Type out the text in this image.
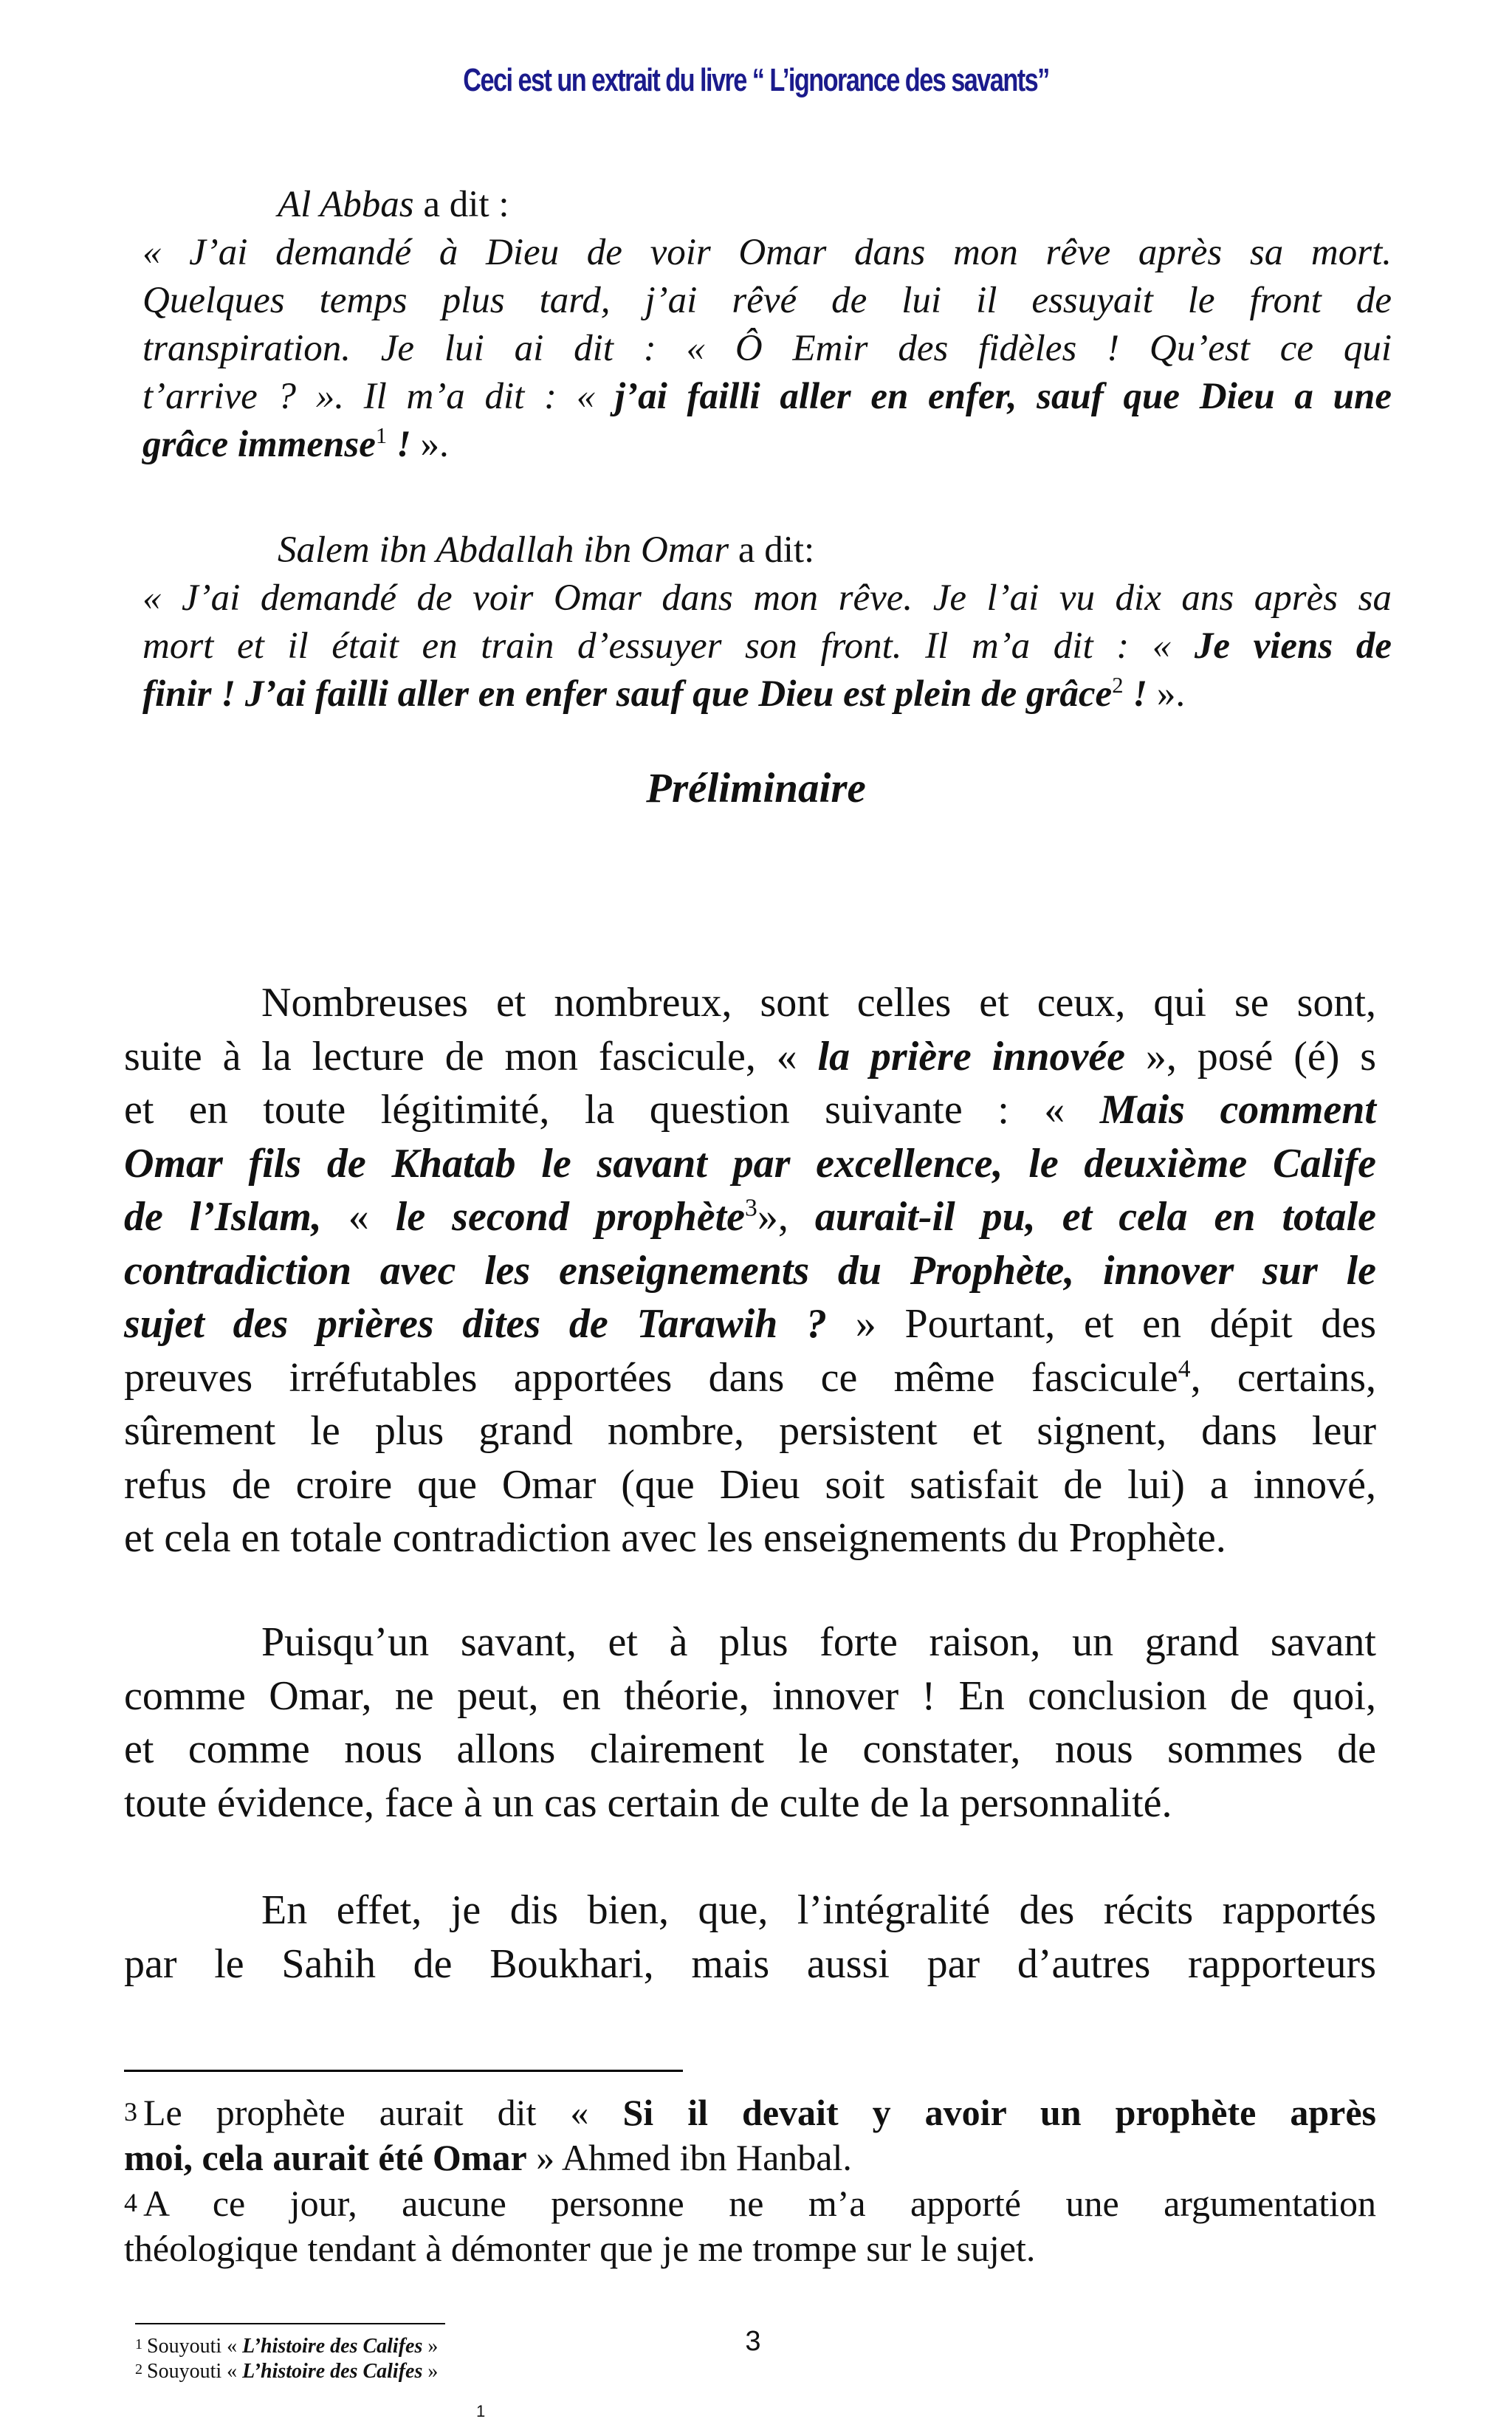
Ceci est un extrait du livre “ L’ignorance des savants”
Al Abbas a dit :
« J’ai demandé à Dieu de voir Omar dans mon rêve après sa mort.
Quelques temps plus tard, j’ai rêvé de lui il essuyait le front de
transpiration. Je lui ai dit : « Ô Emir des fidèles ! Qu’est ce qui
t’arrive ? ». Il m’a dit : « j’ai failli aller en enfer, sauf que Dieu a une
grâce immense$^1$ ! ».
Salem ibn Abdallah ibn Omar a dit:
« J’ai demandé de voir Omar dans mon rêve. Je l’ai vu dix ans après sa
mort et il était en train d’essuyer son front. Il m’a dit : « Je viens de
finir ! J’ai failli aller en enfer sauf que Dieu est plein de grâce$^2$ ! ».
Préliminaire
Nombreuses et nombreux, sont celles et ceux, qui se sont,
suite à la lecture de mon fascicule, « la prière innovée », posé (é) s
et en toute légitimité, la question suivante : « Mais comment
Omar fils de Khatab le savant par excellence, le deuxième Calife
de l’Islam, « le second prophète$^3$», aurait-il pu, et cela en totale
contradiction avec les enseignements du Prophète, innover sur le
sujet des prières dites de Tarawih ? » Pourtant, et en dépit des
preuves irréfutables apportées dans ce même fascicule$^4$, certains,
sûrement le plus grand nombre, persistent et signent, dans leur
refus de croire que Omar (que Dieu soit satisfait de lui) a innové,
et cela en totale contradiction avec les enseignements du Prophète.
Puisqu’un savant, et à plus forte raison, un grand savant
comme Omar, ne peut, en théorie, innover ! En conclusion de quoi,
et comme nous allons clairement le constater, nous sommes de
toute évidence, face à un cas certain de culte de la personnalité.
En effet, je dis bien, que, l’intégralité des récits rapportés
par le Sahih de Boukhari, mais aussi par d’autres rapporteurs
3 Le prophète aurait dit « Si il devait y avoir un prophète après
moi, cela aurait été Omar » Ahmed ibn Hanbal.
4 A ce jour, aucune personne ne m’a apporté une argumentation
théologique tendant à démonter que je me trompe sur le sujet.
3
1 Souyouti « L’histoire des Califes »
2 Souyouti « L’histoire des Califes »
1
